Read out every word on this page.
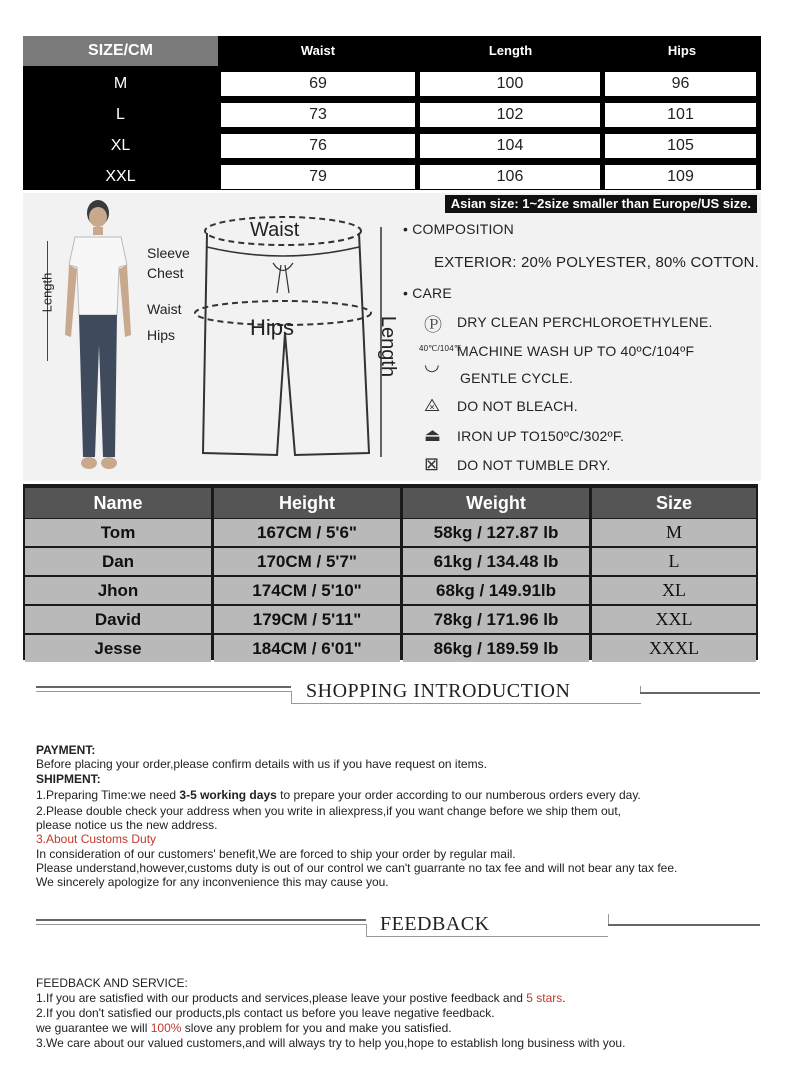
SIZE/CM	Waist	Length	Hips
M	69	100	96
L	73	102	101
XL	76	104	105
XXL	79	106	109
Asian size: 1~2size smaller than Europe/US size.
Length
Sleeve
Chest
Waist
Hips
Waist
Hips	Length
• COMPOSITION
EXTERIOR: 20% POLYESTER, 80% COTTON.
• CARE
Ⓟ DRY CLEAN PERCHLOROETHYLENE.
40℃/104℉
◡
MACHINE WASH UP TO 40ºC/104ºF
GENTLE CYCLE.
⨻ DO NOT BLEACH.
⏏ IRON UP TO150ºC/302ºF.
⊠ DO NOT TUMBLE DRY.
Name	Height	Weight	Size
Tom	167CM / 5'6"	58kg / 127.87 lb	M
Dan	170CM / 5'7"	61kg / 134.48 lb	L
Jhon	174CM / 5'10"	68kg / 149.91lb	XL
David	179CM / 5'11"	78kg / 171.96 lb	XXL
Jesse	184CM / 6'01"	86kg / 189.59 lb	XXXL
SHOPPING INTRODUCTION
PAYMENT:
Before placing your order,please confirm details with us if you have request on items.
SHIPMENT:
1.Preparing Time:we need 3-5 working days to prepare your order according to our numberous orders every day.
2.Please double check your address when you write in aliexpress,if you want change before we ship them out,
please notice us the new address.
3.About Customs Duty
In consideration of our customers' benefit,We are forced to ship your order by regular mail.
Please understand,however,customs duty is out of our control we can't guarrante no tax fee and will not bear any tax fee.
We sincerely apologize for any inconvenience this may cause you.
FEEDBACK
FEEDBACK AND SERVICE:
1.If you are satisfied with our products and services,please leave your postive feedback and 5 stars.
2.If you don't satisfied our products,pls contact us before you leave negative feedback.
we guarantee we will 100% slove any problem for you and make you satisfied.
3.We care about our valued customers,and will always try to help you,hope to establish long business with you.
